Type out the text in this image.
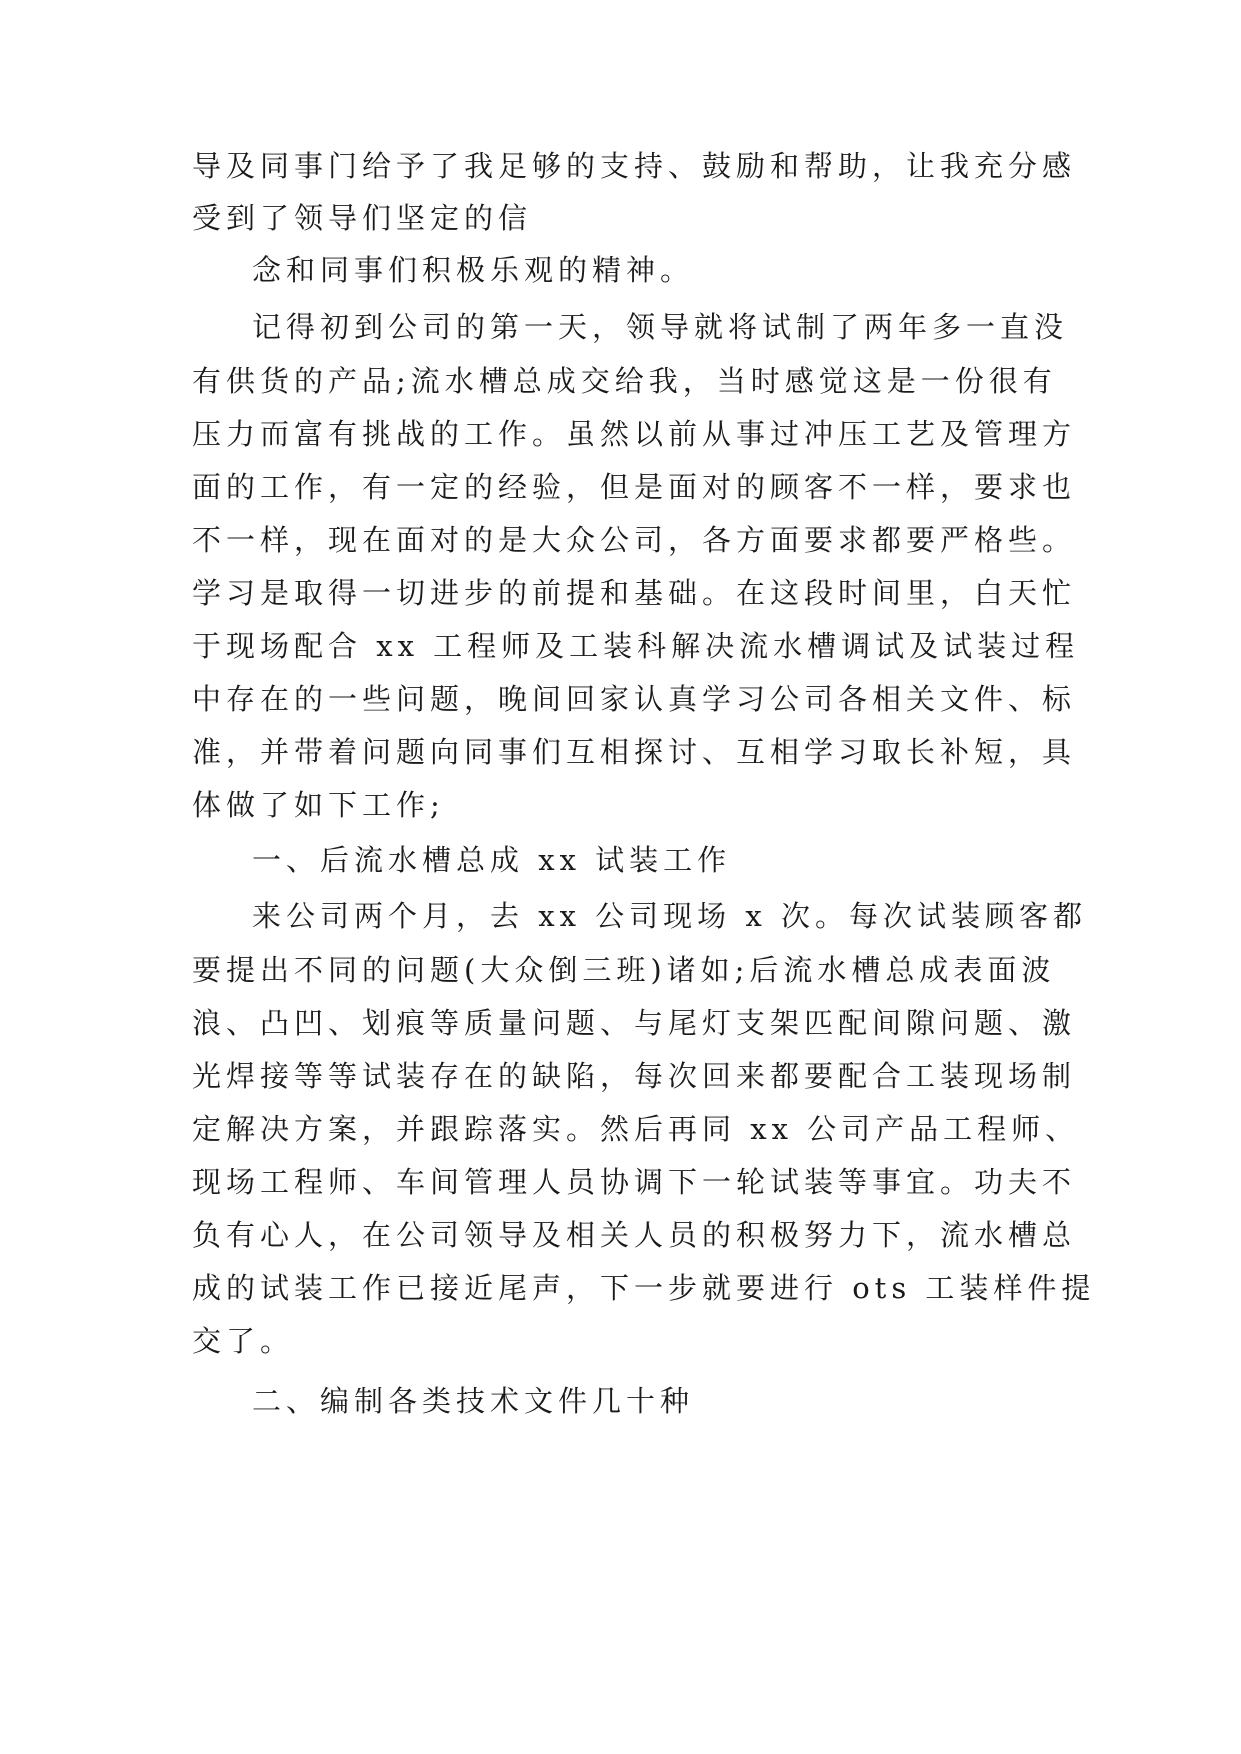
导及同事门给予了我足够的支持、鼓励和帮助，让我充分感
受到了领导们坚定的信
念和同事们积极乐观的精神。
记得初到公司的第一天，领导就将试制了两年多一直没
有供货的产品;流水槽总成交给我，当时感觉这是一份很有
压力而富有挑战的工作。虽然以前从事过冲压工艺及管理方
面的工作，有一定的经验，但是面对的顾客不一样，要求也
不一样，现在面对的是大众公司，各方面要求都要严格些。
学习是取得一切进步的前提和基础。在这段时间里，白天忙
于现场配合 xx 工程师及工装科解决流水槽调试及试装过程
中存在的一些问题，晚间回家认真学习公司各相关文件、标
准，并带着问题向同事们互相探讨、互相学习取长补短，具
体做了如下工作;
一、后流水槽总成 xx 试装工作
来公司两个月，去 xx 公司现场 x 次。每次试装顾客都
要提出不同的问题(大众倒三班)诸如;后流水槽总成表面波
浪、凸凹、划痕等质量问题、与尾灯支架匹配间隙问题、激
光焊接等等试装存在的缺陷，每次回来都要配合工装现场制
定解决方案，并跟踪落实。然后再同 xx 公司产品工程师、
现场工程师、车间管理人员协调下一轮试装等事宜。功夫不
负有心人，在公司领导及相关人员的积极努力下，流水槽总
成的试装工作已接近尾声，下一步就要进行 ots 工装样件提
交了。
二、编制各类技术文件几十种
